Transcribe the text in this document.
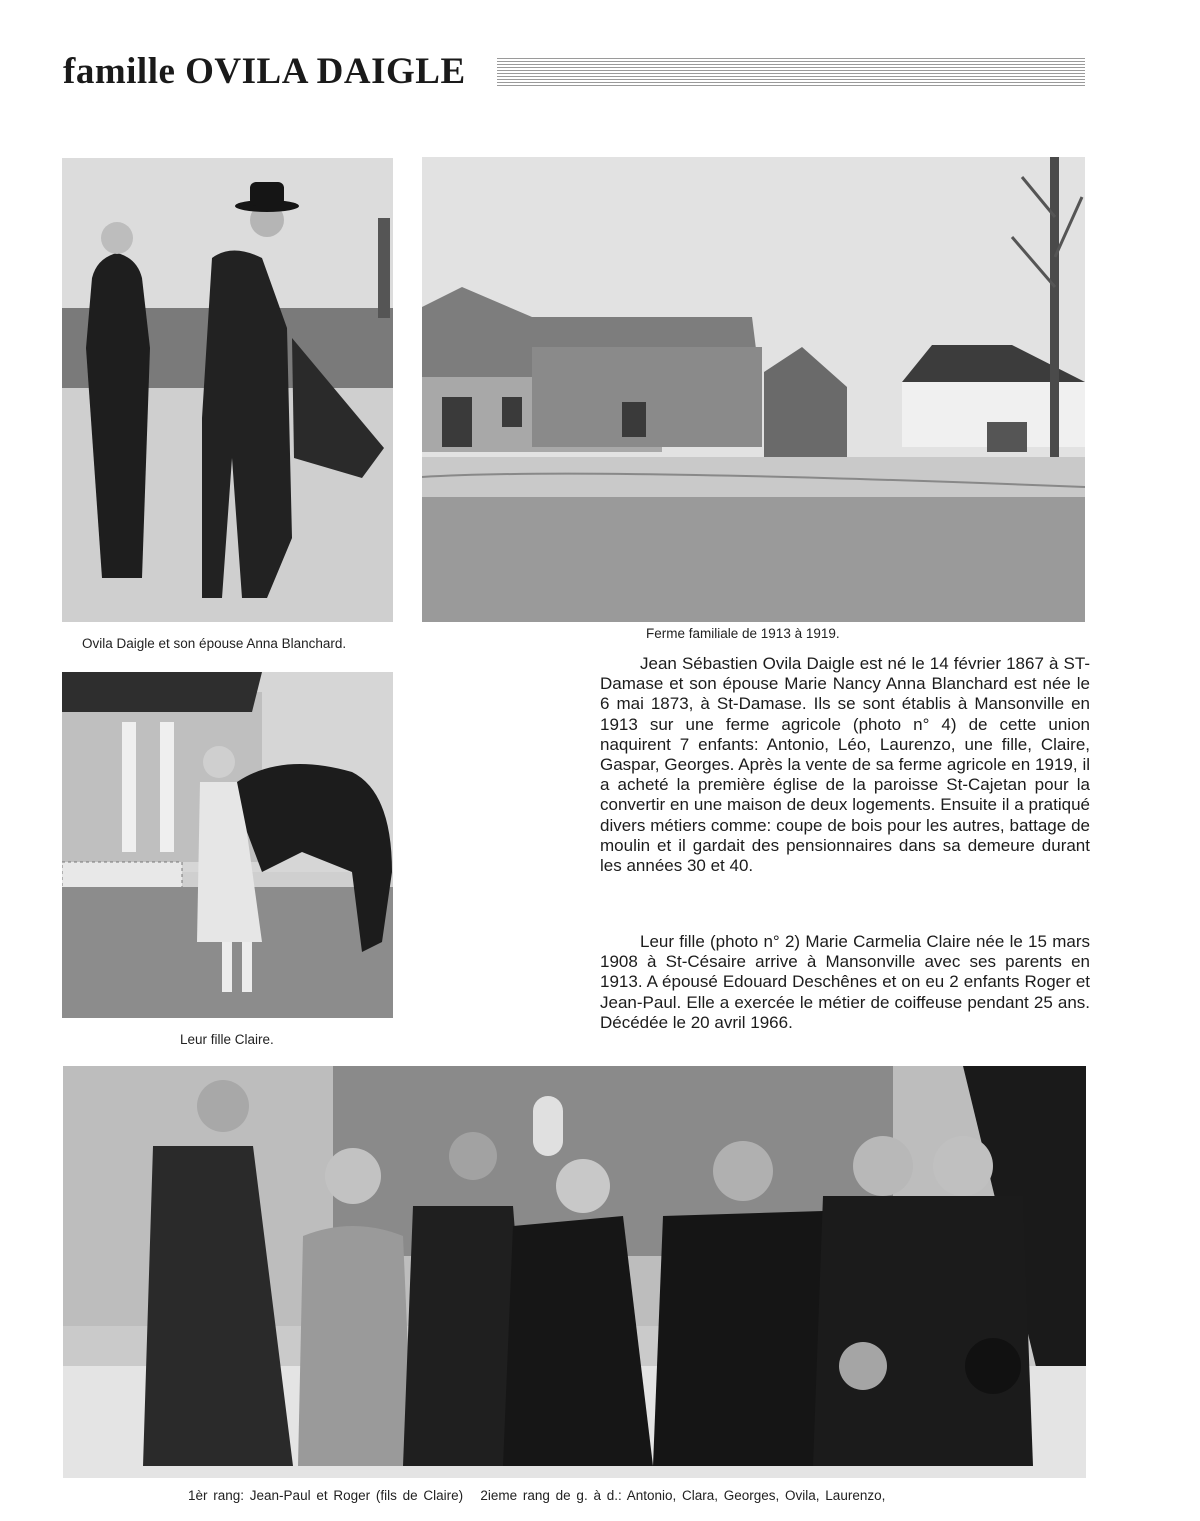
famille OVILA DAIGLE
Ovila Daigle et son épouse Anna Blanchard.
Ferme familiale de 1913 à 1919.
Leur fille Claire.

Jean Sébastien Ovila Daigle est né le 14 février 1867 à ST-Damase et son épouse Marie Nancy Anna Blanchard est née le 6 mai 1873, à St-Damase. Ils se sont établis à Mansonville en 1913 sur une ferme agricole (photo n° 4) de cette union naquirent 7 enfants: Antonio, Léo, Laurenzo, une fille, Claire, Gaspar, Georges. Après la vente de sa ferme agricole en 1919, il a acheté la première église de la paroisse St-Cajetan pour la convertir en une maison de deux logements. Ensuite il a pratiqué divers métiers comme: coupe de bois pour les autres, battage de moulin et il gardait des pensionnaires dans sa demeure durant les années 30 et 40.

Leur fille (photo n° 2) Marie Carmelia Claire née le 15 mars 1908 à St-Césaire arrive à Mansonville avec ses parents en 1913. A épousé Edouard Deschênes et on eu 2 enfants Roger et Jean-Paul. Elle a exercée le métier de coiffeuse pendant 25 ans. Décédée le 20 avril 1966.

1èr rang: Jean-Paul et Roger (fils de Claire)   2ieme rang de g. à d.: Antonio, Clara, Georges, Ovila, Laurenzo,
